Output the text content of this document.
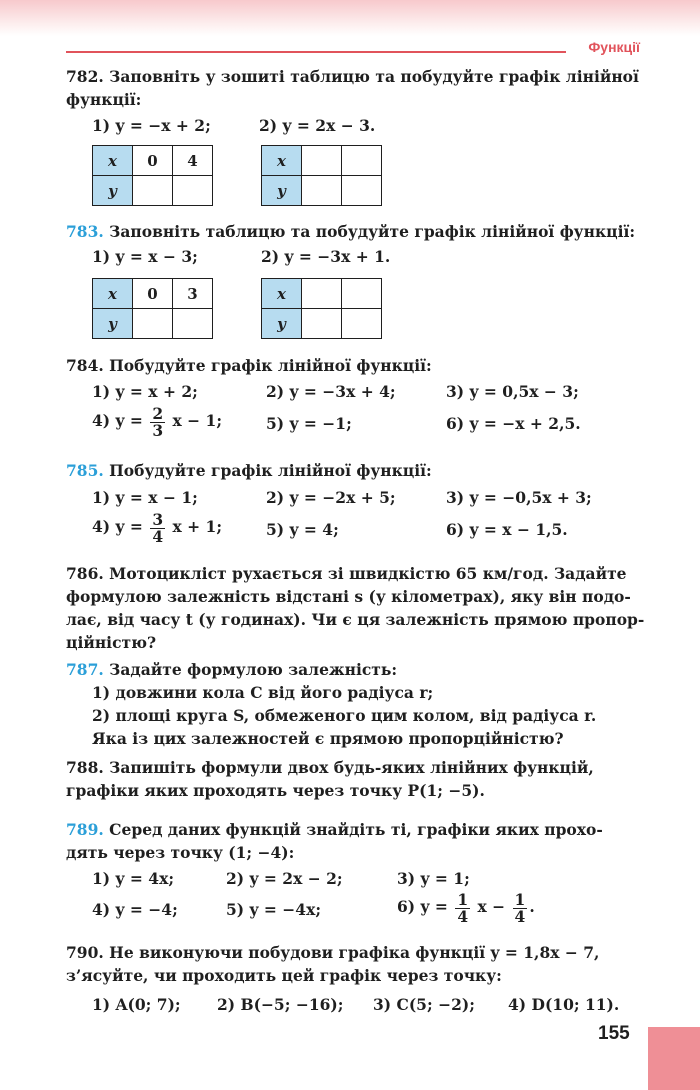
Функції
782. Заповніть у зошиті таблицю та побудуйте графік лінійної
функції:
1) y = −x + 2;	2) y = 2x − 3.
x	0	4
y		
x		
y		
783. Заповніть таблицю та побудуйте графік лінійної функції:
1) y = x − 3;	2) y = −3x + 1.
x	0	3
y		
x		
y		
784. Побудуйте графік лінійної функції:
1) y = x + 2;	2) y = −3x + 4;	3) y = 0,5x − 3;
4) $y = \frac{2}{3}$ x − 1;	5) y = −1;	6) y = −x + 2,5.
785. Побудуйте графік лінійної функції:
1) y = x − 1;	2) y = −2x + 5;	3) y = −0,5x + 3;
4) $y = \frac{3}{4}$ x + 1;	5) y = 4;	6) y = x − 1,5.
786. Мотоцикліст рухається зі швидкістю 65 км/год. Задайте
формулою залежність відстані s (у кілометрах), яку він подо-
лає, від часу t (у годинах). Чи є ця залежність прямою пропор-
ційністю?
787. Задайте формулою залежність:
1) довжини кола C від його радіуса r;
2) площі круга S, обмеженого цим колом, від радіуса r.
Яка із цих залежностей є прямою пропорційністю?
788. Запишіть формули двох будь-яких лінійних функцій,
графіки яких проходять через точку P(1; −5).
789. Серед даних функцій знайдіть ті, графіки яких прохо-
дять через точку (1; −4):
1) y = 4x;	2) y = 2x − 2;	3) y = 1;
4) y = −4;	5) y = −4x;	6) $y = \frac{1}{4}$ $x - \frac{1}{4}$ .
790. Не виконуючи побудови графіка функції y = 1,8x − 7,
з’ясуйте, чи проходить цей графік через точку:
1) A(0; 7); 2) B(−5; −16); 3) C(5; −2); 4) D(10; 11).
155
